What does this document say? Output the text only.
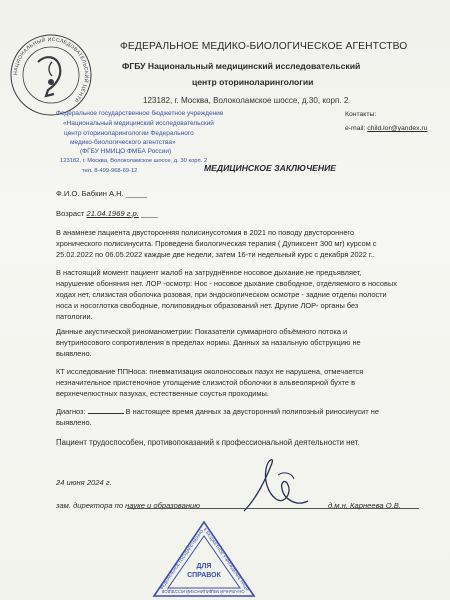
НАЦИОНАЛЬНЫЙ ИССЛЕДОВАТЕЛЬСКИЙ ЦЕНТР
ФЕДЕРАЛЬНОЕ МЕДИКО-БИОЛОГИЧЕСКОЕ АГЕНТСТВО
ФГБУ Национальный медицинский исследовательский
центр оториноларингологии
123182, г. Москва, Волоколамское шоссе, д.30, корп. 2
Контакты:
e-mail: child.lor@yandex.ru
Федеральное государственное бюджетное учреждение
«Национальный медицинский исследовательский
центр оториноларингологии Федерального
медико-биологического агентства»
(ФГБУ НМИЦО ФМБА России)
123182, г. Москва, Волоколамское шоссе, д. 30 корп. 2
тел. 8-499-968-69-12	МЕДИЦИНСКОЕ ЗАКЛЮЧЕНИЕ
Ф.И.О. Бабкин А.Н. _____
Возраст 21.04.1969 г.р. ____
В анамнезе пациента двусторонняя полисинусотомия в 2021 по поводу двустороннего
хронического полисинусита. Проведена биологическая терапия ( Дупиксент 300 мг) курсом с
25.02.2022 по 06.05.2022 каждые две недели, затем 16-ти недельный курс с декабря 2022 г..
В настоящий момент пациент жалоб на затруднённое носовое дыхание не предъявляет,
нарушение обоняния нет. ЛОР -осмотр: Нос - носовое дыхание свободное, отделяемого в носовых
ходах нет, слизистая оболочка розовая, при эндоскопическом осмотре - задние отделы полости
носа и носоглотка свободные, полиповидных образований нет. Другие ЛОР- органы без
патологии.
Данные акустической риноманометрии: Показатели суммарного объёмного потока и
внутриносового сопротивления в пределах нормы. Данных за назальную обструкцию не
выявлено.
КТ исследование ППНоса: пневматизация околоносовых пазух не нарушена, отмечается
незначительное пристеночное утолщение слизистой оболочки в альвеолярной бухте в
верхнечелюстных пазухах, естественные соустья проходимы.
Диагноз:	В настоящее время данных за двусторонний полипозный риносинусит не
выявлено.
Пациент трудоспособен, противопоказаний к профессиональной деятельности нет.
24 июня 2024 г.
зам. директора по науке и образованию	д.м.н. Карнеева О.В.
ФЕДЕРАЛЬНОЕ ГОСУДАРСТВЕННОЕ БЮДЖЕТНОЕ УЧРЕЖДЕНИЕ НАЦИОНАЛЬНЫЙ МЕДИЦИНСКИЙ ИССЛЕДОВ
ДЛЯ
СПРАВОК
